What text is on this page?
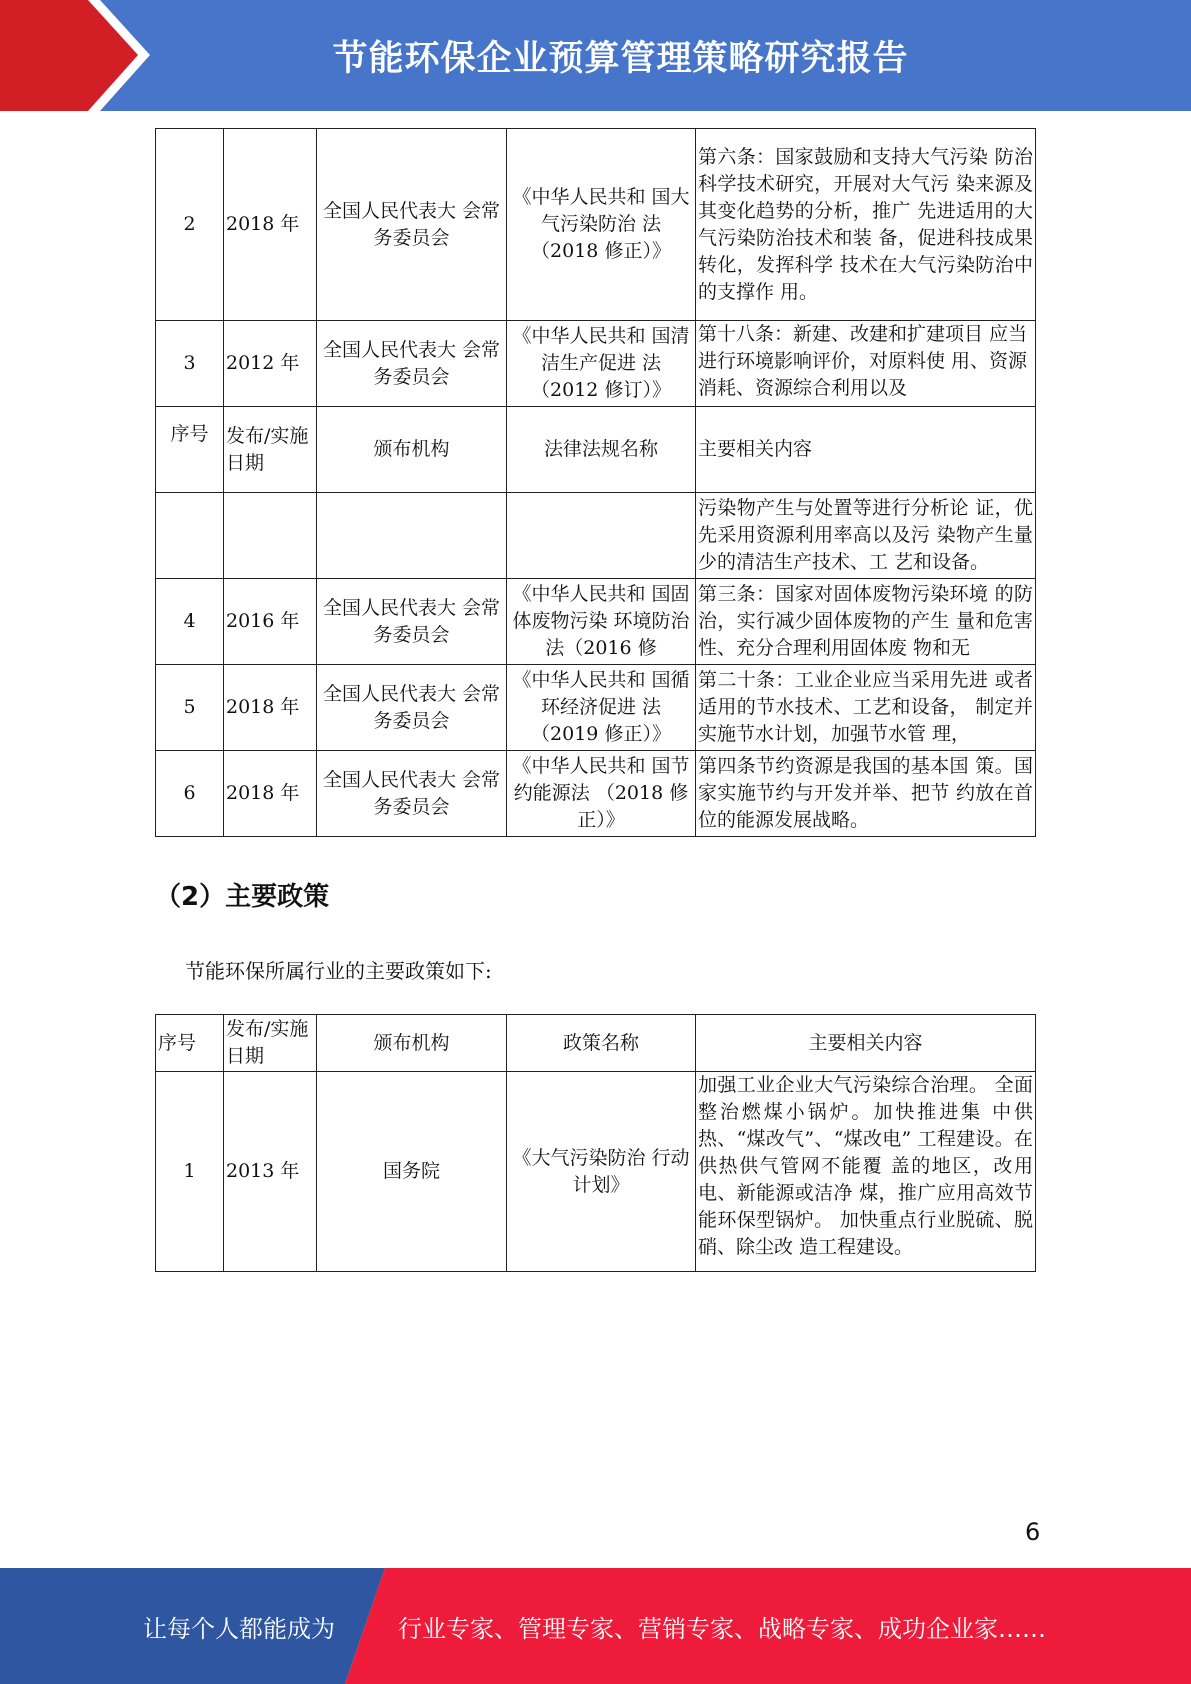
节能环保企业预算管理策略研究报告
2	2018 年	全国人民代表大 会常务委员会	《中华人民共和 国大气污染防治 法（2018 修正）》	第六条：国家鼓励和支持大气污染 防治科学技术研究，开展对大气污 染来源及其变化趋势的分析，推广 先进适用的大气污染防治技术和装 备，促进科技成果转化，发挥科学 技术在大气污染防治中的支撑作 用。
3	2012 年	全国人民代表大 会常务委员会	《中华人民共和 国清洁生产促进 法（2012 修订）》	第十八条：新建、改建和扩建项目 应当进行环境影响评价，对原料使 用、资源消耗、资源综合利用以及
序号	发布/实施日期	颁布机构	法律法规名称	主要相关内容
				污染物产生与处置等进行分析论 证，优先采用资源利用率高以及污 染物产生量少的清洁生产技术、工 艺和设备。
4	2016 年	全国人民代表大 会常务委员会	《中华人民共和 国固体废物污染 环境防治法（2016 修	第三条：国家对固体废物污染环境 的防治，实行减少固体废物的产生 量和危害性、充分合理利用固体废 物和无
5	2018 年	全国人民代表大 会常务委员会	《中华人民共和 国循环经济促进 法（2019 修正）》	第二十条：工业企业应当采用先进 或者适用的节水技术、工艺和设备， 制定并实施节水计划，加强节水管 理，
6	2018 年	全国人民代表大 会常务委员会	《中华人民共和 国节约能源法 （2018 修正）》	第四条节约资源是我国的基本国 策。国家实施节约与开发并举、把节 约放在首位的能源发展战略。
（2）主要政策
节能环保所属行业的主要政策如下:
序号	发布/实施日期	颁布机构	政策名称	主要相关内容
1	2013 年	国务院	《大气污染防治 行动计划》	加强工业企业大气污染综合治理。 全面整治燃煤小锅炉。加快推进集 中供热、“煤改气”、“煤改电” 工程建设。在供热供气管网不能覆 盖的地区，改用电、新能源或洁净 煤，推广应用高效节能环保型锅炉。 加快重点行业脱硫、脱硝、除尘改 造工程建设。
6
让每个人都能成为	行业专家、管理专家、营销专家、战略专家、成功企业家……
